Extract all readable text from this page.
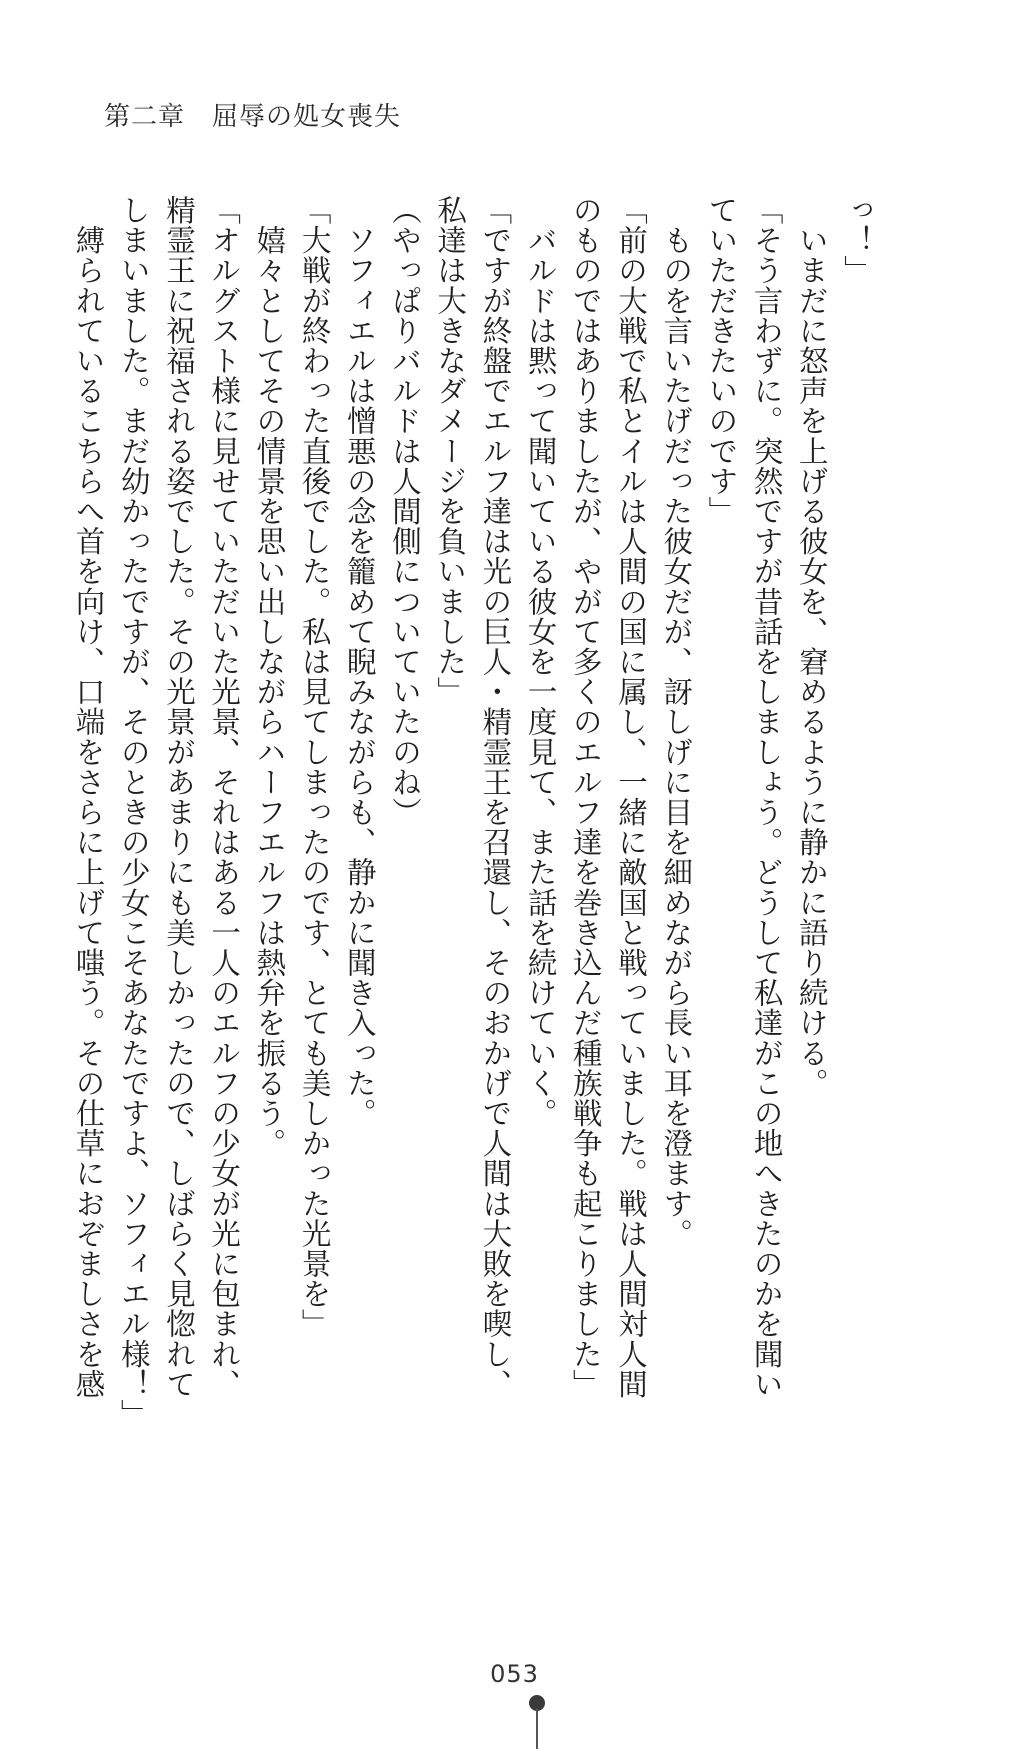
第二章　屈辱の処女喪失
っ！」
　いまだに怒声を上げる彼女を、窘めるように静かに語り続ける。
「そう言わずに。突然ですが昔話をしましょう。どうして私達がこの地へきたのかを聞い
ていただきたいのです」
　ものを言いたげだった彼女だが、訝しげに目を細めながら長い耳を澄ます。
「前の大戦で私とイルは人間の国に属し、一緒に敵国と戦っていました。戦は人間対人間
のものではありましたが、やがて多くのエルフ達を巻き込んだ種族戦争も起こりました」
　バルドは黙って聞いている彼女を一度見て、また話を続けていく。
「ですが終盤でエルフ達は光の巨人・精霊王を召還し、そのおかげで人間は大敗を喫し、
私達は大きなダメージを負いました」
（やっぱりバルドは人間側についていたのね）
　ソフィエルは憎悪の念を籠めて睨みながらも、静かに聞き入った。
「大戦が終わった直後でした。私は見てしまったのです、とても美しかった光景を」
　嬉々としてその情景を思い出しながらハーフエルフは熱弁を振るう。
「オルグスト様に見せていただいた光景、それはある一人のエルフの少女が光に包まれ、
精霊王に祝福される姿でした。その光景があまりにも美しかったので、しばらく見惚れて
しまいました。まだ幼かったですが、そのときの少女こそあなたですよ、ソフィエル様！」
　縛られているこちらへ首を向け、口端をさらに上げて嗤う。その仕草におぞましさを感
053
